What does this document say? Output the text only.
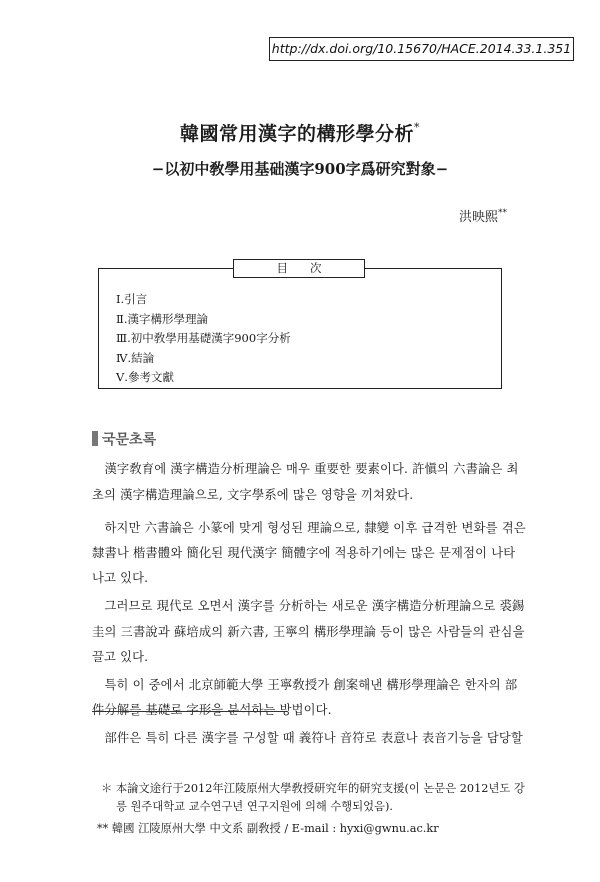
http://dx.doi.org/10.15670/HACE.2014.33.1.351
韓國常用漢字的構形學分析*
−以初中敎學用基础漢字900字爲研究對象−
洪映熙**
目次
Ⅰ.引言
Ⅱ.漢字構形學理論
Ⅲ.初中敎學用基礎漢字900字分析
Ⅳ.結論
Ⅴ.參考文獻
국문초록
　漢字敎育에 漢字構造分析理論은 매우 重要한 要素이다. 許愼의 六書論은 최
초의 漢字構造理論으로, 文字學系에 많은 영향을 끼쳐왔다.
　하지만 六書論은 小篆에 맞게 형성된 理論으로, 隸變 이후 급격한 변화를 겪은
隸書나 楷書體와 簡化된 現代漢字 簡體字에 적용하기에는 많은 문제점이 나타
나고 있다.
　그러므로 現代로 오면서 漢字를 分析하는 새로운 漢字構造分析理論으로 裘錫
圭의 三書說과 蘇培成의 新六書, 王寧의 構形學理論 등이 많은 사람들의 관심을
끌고 있다.
　특히 이 중에서 北京師範大學 王寧敎授가 創案해낸 構形學理論은 한자의 部
件分解를 基礎로 字形을 분석하는 방법이다.
　部件은 특히 다른 漢字를 구성할 때 義符나 音符로 表意나 表音기능을 담당할
＊ 本論文途行于2012年江陵原州大學敎授研究年的研究支援(이 논문은 2012년도 강
릉 원주대학교 교수연구년 연구지원에 의해 수행되었음).
** 韓國 江陵原州大學 中文系 副敎授 / E-mail : hyxi@gwnu.ac.kr
